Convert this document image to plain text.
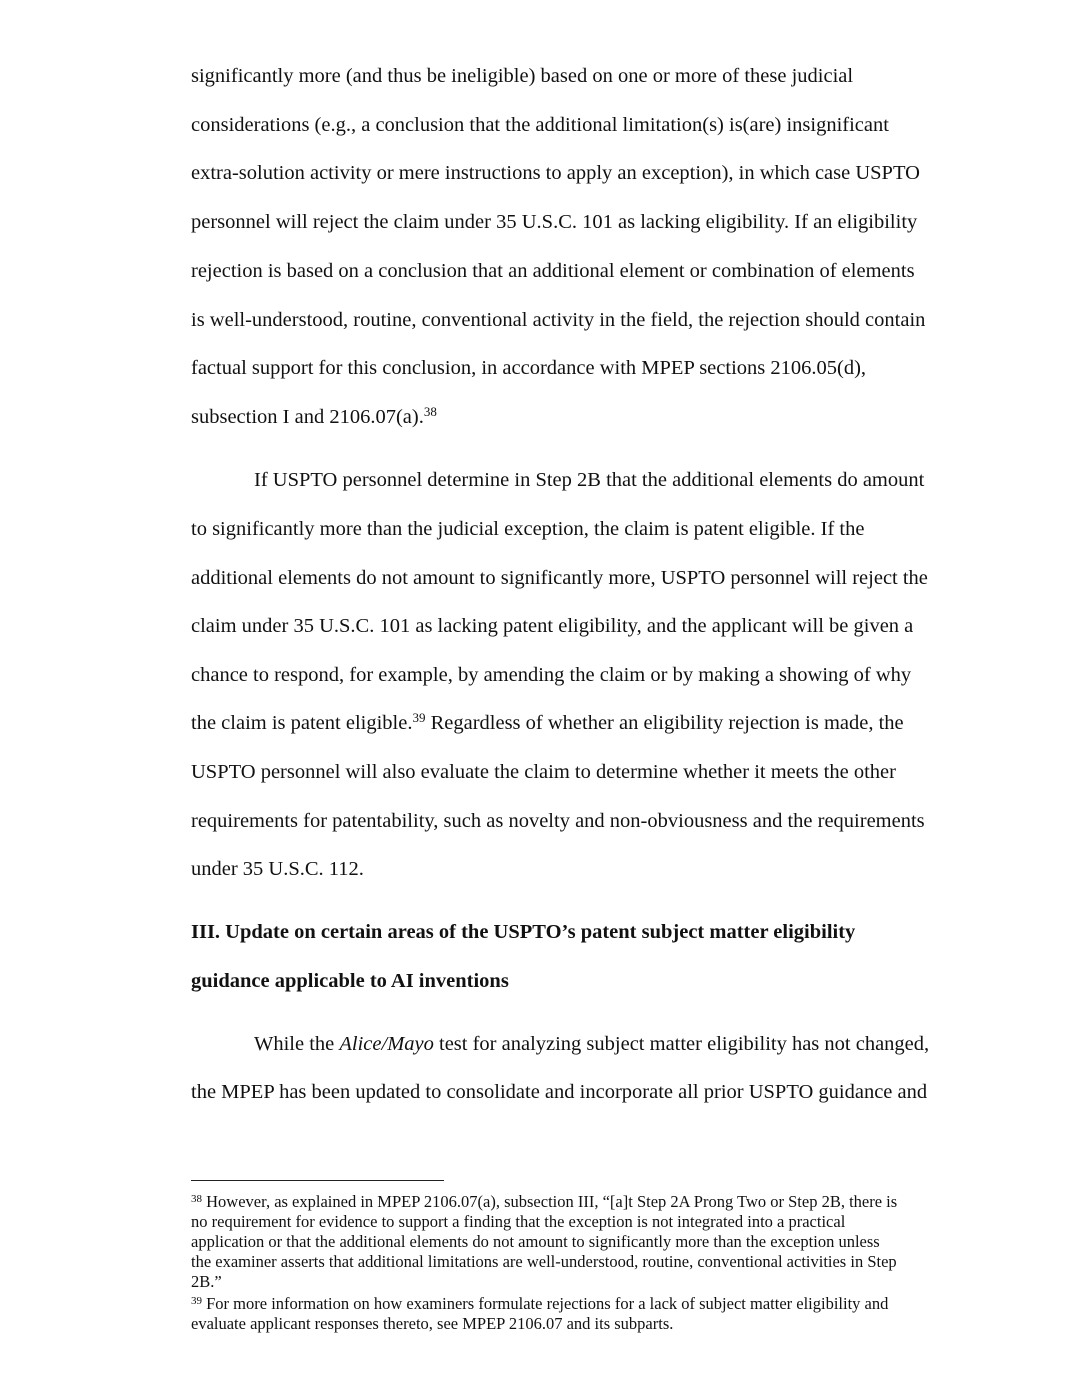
significantly more (and thus be ineligible) based on one or more of these judicial

considerations (e.g., a conclusion that the additional limitation(s) is(are) insignificant

extra-solution activity or mere instructions to apply an exception), in which case USPTO

personnel will reject the claim under 35 U.S.C. 101 as lacking eligibility. If an eligibility

rejection is based on a conclusion that an additional element or combination of elements

is well-understood, routine, conventional activity in the field, the rejection should contain

factual support for this conclusion, in accordance with MPEP sections 2106.05(d),

subsection I and 2106.07(a).$^{38}$

If USPTO personnel determine in Step 2B that the additional elements do amount

to significantly more than the judicial exception, the claim is patent eligible. If the

additional elements do not amount to significantly more, USPTO personnel will reject the

claim under 35 U.S.C. 101 as lacking patent eligibility, and the applicant will be given a

chance to respond, for example, by amending the claim or by making a showing of why

the claim is patent eligible.$^{39}$ Regardless of whether an eligibility rejection is made, the

USPTO personnel will also evaluate the claim to determine whether it meets the other

requirements for patentability, such as novelty and non-obviousness and the requirements

under 35 U.S.C. 112.

III. Update on certain areas of the USPTO’s patent subject matter eligibility

guidance applicable to AI inventions

While the Alice/Mayo test for analyzing subject matter eligibility has not changed,

the MPEP has been updated to consolidate and incorporate all prior USPTO guidance and

$^{38}$ However, as explained in MPEP 2106.07(a), subsection III, “[a]t Step 2A Prong Two or Step 2B, there is

no requirement for evidence to support a finding that the exception is not integrated into a practical

application or that the additional elements do not amount to significantly more than the exception unless

the examiner asserts that additional limitations are well-understood, routine, conventional activities in Step

2B.”

$^{39}$ For more information on how examiners formulate rejections for a lack of subject matter eligibility and

evaluate applicant responses thereto, see MPEP 2106.07 and its subparts.
